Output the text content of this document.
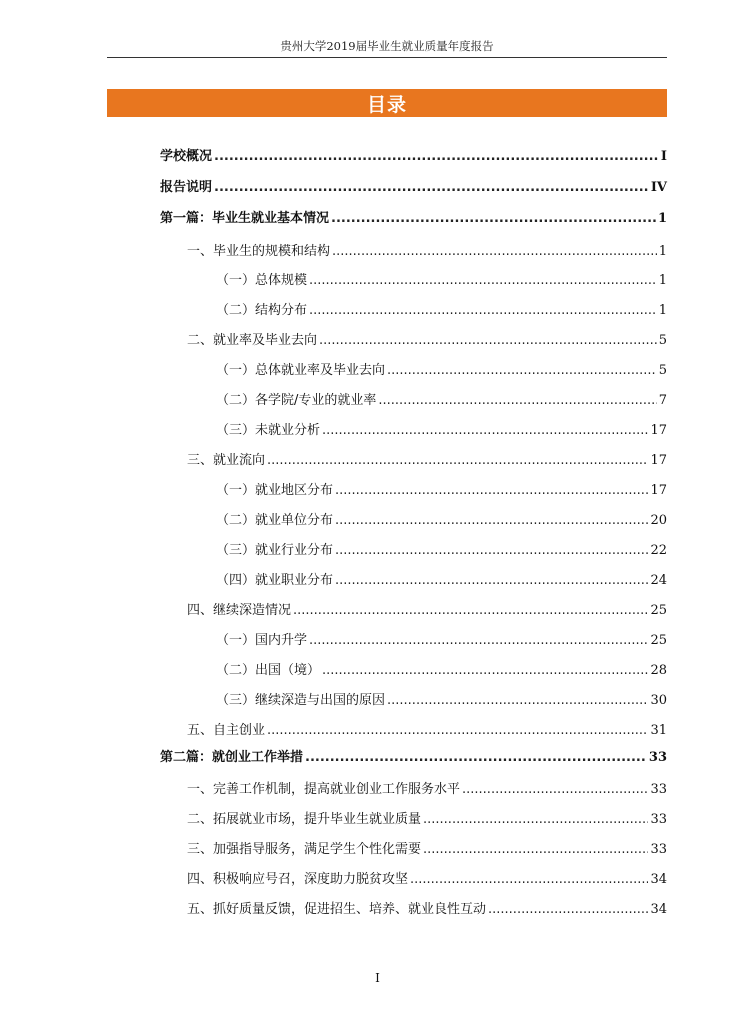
贵州大学2019届毕业生就业质量年度报告
目录
学校概况 .....	I
报告说明 .....	IV
第一篇：毕业生就业基本情况 .....	1
一、毕业生的规模和结构 .....	1
（一）总体规模 .....	1
（二）结构分布 .....	1
二、就业率及毕业去向 .....	5
（一）总体就业率及毕业去向 .....	5
（二）各学院/专业的就业率 .....	7
（三）未就业分析 .....	17
三、就业流向 .....	17
（一）就业地区分布 .....	17
（二）就业单位分布 .....	20
（三）就业行业分布 .....	22
（四）就业职业分布 .....	24
四、继续深造情况 .....	25
（一）国内升学 .....	25
（二）出国（境） .....	28
（三）继续深造与出国的原因 .....	30
五、自主创业 .....	31
第二篇：就创业工作举措 .....	33
一、完善工作机制，提高就业创业工作服务水平 .....	33
二、拓展就业市场，提升毕业生就业质量 .....	33
三、加强指导服务，满足学生个性化需要 .....	33
四、积极响应号召，深度助力脱贫攻坚 .....	34
五、抓好质量反馈，促进招生、培养、就业良性互动 .....	34
I
